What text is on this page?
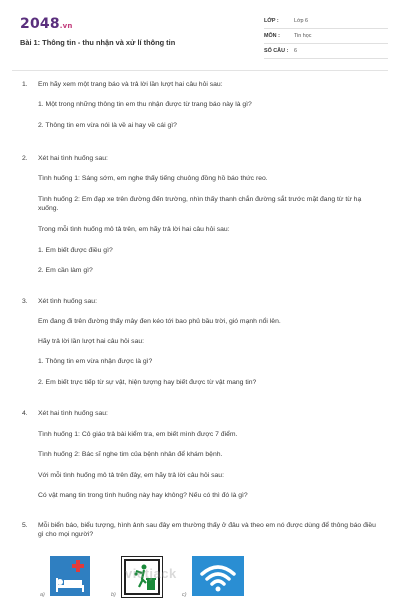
2048.vn
Bài 1: Thông tin - thu nhận và xử lí thông tin
LỚP :	Lớp 6
MÔN :	Tin học
SỐ CÂU :	6
1. Em hãy xem một trang báo và trả lời lần lượt hai câu hỏi sau:
1. Một trong những thông tin em thu nhận được từ trang báo này là gì?
2. Thông tin em vừa nói là về ai hay về cái gì?
2. Xét hai tình huống sau:
Tình huống 1: Sáng sớm, em nghe thấy tiếng chuông đồng hồ báo thức reo.
Tình huống 2: Em đạp xe trên đường đến trường, nhìn thấy thanh chắn đường sắt trước mặt đang từ từ hạ xuống.
Trong mỗi tình huống mô tả trên, em hãy trả lời hai câu hỏi sau:
1. Em biết được điều gì?
2. Em cần làm gì?
3. Xét tình huống sau:
Em đang đi trên đường thấy mây đen kéo tới bao phủ bầu trời, gió mạnh nổi lên.
Hãy trả lời lần lượt hai câu hỏi sau:
1. Thông tin em vừa nhận được là gì?
2. Em biết trực tiếp từ sự vật, hiện tượng hay biết được từ vật mang tin?
4. Xét hai tình huống sau:
Tình huống 1: Cô giáo trả bài kiểm tra, em biết mình được 7 điểm.
Tình huống 2: Bác sĩ nghe tim của bệnh nhân để khám bệnh.
Với mỗi tình huống mô tả trên đây, em hãy trả lời câu hỏi sau:
Có vật mang tin trong tình huống này hay không? Nếu có thì đó là gì?
5. Mỗi biển báo, biểu tượng, hình ảnh sau đây em thường thấy ở đâu và theo em nó được dùng để thông báo điều gì cho mọi người?
a)	b)	c)
vietjack
